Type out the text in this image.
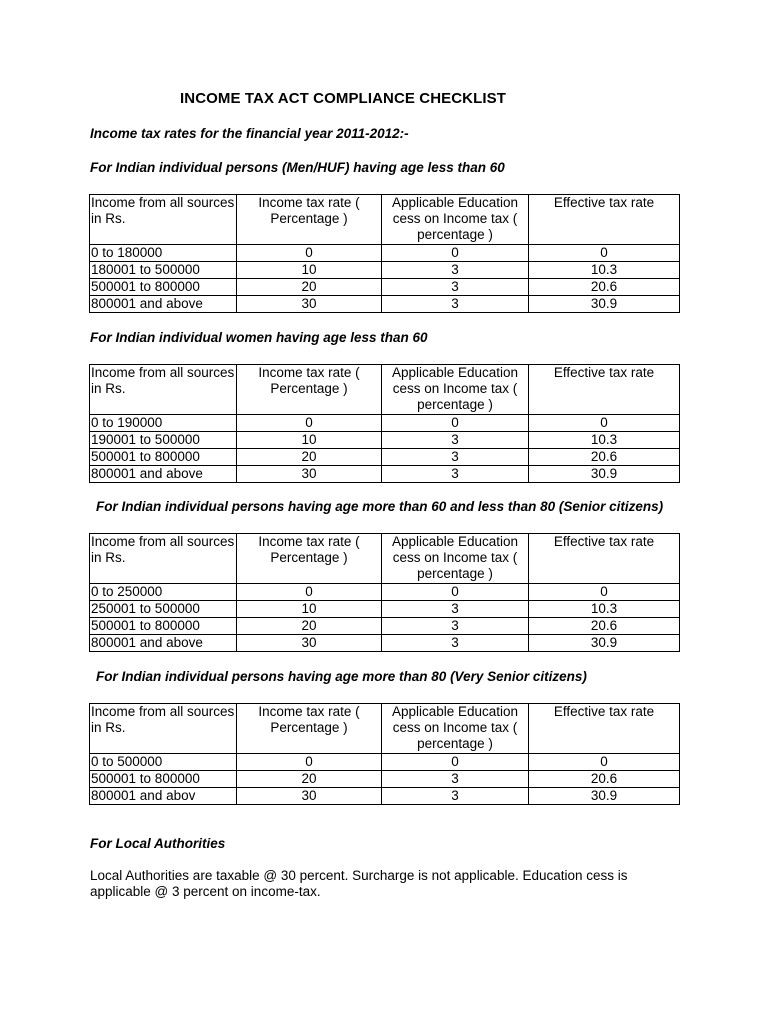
INCOME TAX ACT COMPLIANCE CHECKLIST

Income tax rates for the financial year 2011-2012:-

For Indian individual persons (Men/HUF) having age less than 60

Income from all sources in Rs.	Income tax rate ( Percentage )	Applicable Education cess on Income tax ( percentage )	Effective tax rate
0 to 180000	0	0	0
180001 to 500000	10	3	10.3
500001 to 800000	20	3	20.6
800001 and above	30	3	30.9

For Indian individual women having age less than 60

Income from all sources in Rs.	Income tax rate ( Percentage )	Applicable Education cess on Income tax ( percentage )	Effective tax rate
0 to 190000	0	0	0
190001 to 500000	10	3	10.3
500001 to 800000	20	3	20.6
800001 and above	30	3	30.9

For Indian individual persons having age more than 60 and less than 80 (Senior citizens)

Income from all sources in Rs.	Income tax rate ( Percentage )	Applicable Education cess on Income tax ( percentage )	Effective tax rate
0 to 250000	0	0	0
250001 to 500000	10	3	10.3
500001 to 800000	20	3	20.6
800001 and above	30	3	30.9

For Indian individual persons having age more than 80 (Very Senior citizens)

Income from all sources in Rs.	Income tax rate ( Percentage )	Applicable Education cess on Income tax ( percentage )	Effective tax rate
0 to 500000	0	0	0
500001 to 800000	20	3	20.6
800001 and abov	30	3	30.9

For Local Authorities

Local Authorities are taxable @ 30 percent. Surcharge is not applicable. Education cess is applicable @ 3 percent on income-tax.
